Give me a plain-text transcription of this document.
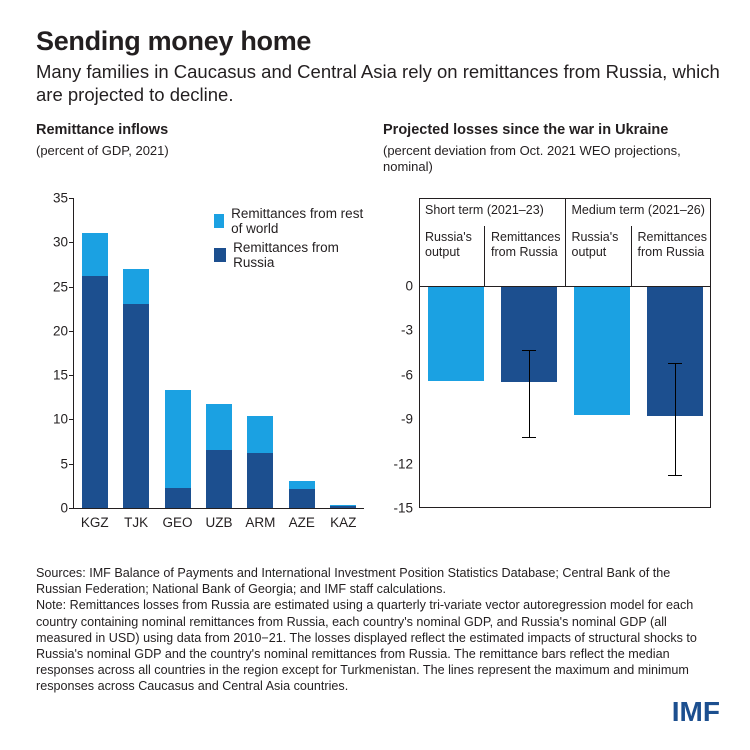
Sending money home
Many families in Caucasus and Central Asia rely on remittances from Russia, which are projected to decline.
Remittance inflows
(percent of GDP, 2021)
Projected losses since the war in Ukraine
(percent deviation from Oct. 2021 WEO projections, nominal)
0
5
10
15
20
25
30
35
KGZ	TJK	GEO UZB ARM AZE	KAZ
Remittances from rest of world
Remittances from Russia
0
-3
-6
-9
-12
-15
Short term (2021–23)
Russia's output
Remittances from Russia
Medium term (2021–26)
Russia's output
Remittances from Russia

Sources: IMF Balance of Payments and International Investment Position Statistics Database; Central Bank of the Russian Federation; National Bank of Georgia; and IMF staff calculations.

Note: Remittances losses from Russia are estimated using a quarterly tri-variate vector autoregression model for each country containing nominal remittances from Russia, each country's nominal GDP, and Russia's nominal GDP (all measured in USD) using data from 2010−21. The losses displayed reflect the estimated impacts of structural shocks to Russia's nominal GDP and the country's nominal remittances from Russia. The remittance bars reflect the median responses across all countries in the region except for Turkmenistan. The lines represent the maximum and minimum responses across Caucasus and Central Asia countries.

IMF
